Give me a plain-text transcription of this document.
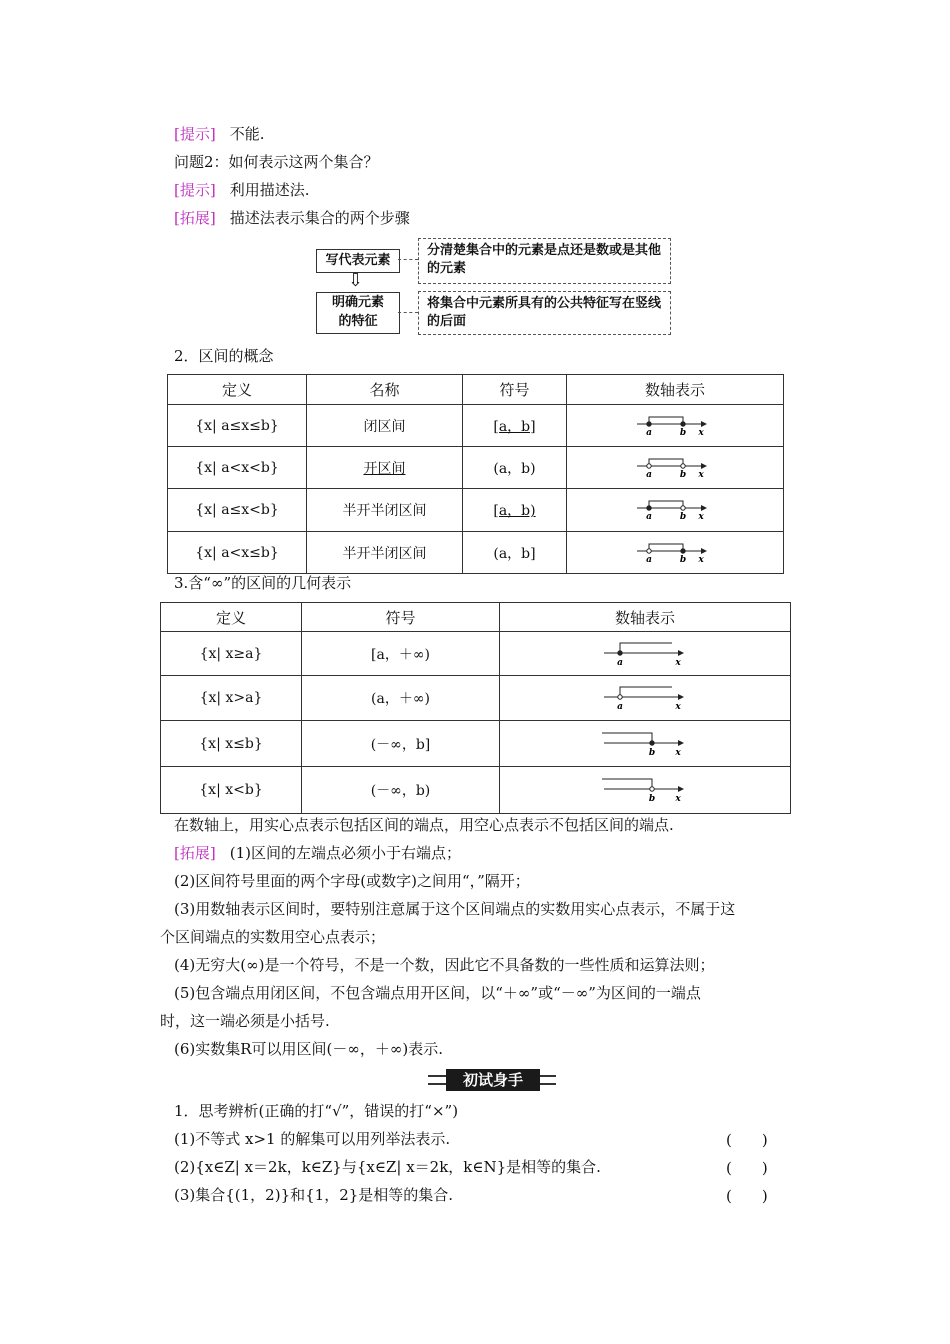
[提示] 不能.
问题2：如何表示这两个集合？
[提示] 利用描述法.
[拓展] 描述法表示集合的两个步骤
写代表元素
分清楚集合中的元素是点还是数或是其他的元素
⇩
明确元素
的特征
将集合中元素所具有的公共特征写在竖线的后面
2．区间的概念
定义	名称	符号	数轴表示
{x| a≤x≤b}	闭区间	[a，b]	a b x

{x| a<x<b}	开区间	(a，b)	a b x

{x| a≤x<b}	半开半闭区间	[a，b)	a b x

{x| a<x≤b}	半开半闭区间	(a，b]	a b x
3.含“∞”的区间的几何表示
定义	符号	数轴表示
{x| x≥a}	[a，＋∞)	a x

{x| x>a}	(a，＋∞)	a x

{x| x≤b}	(－∞，b]	b x

{x| x<b}	(－∞，b)	b x
在数轴上，用实心点表示包括区间的端点，用空心点表示不包括区间的端点.
[拓展] (1)区间的左端点必须小于右端点；
(2)区间符号里面的两个字母(或数字)之间用“，”隔开；
(3)用数轴表示区间时，要特别注意属于这个区间端点的实数用实心点表示，不属于这
个区间端点的实数用空心点表示；
(4)无穷大(∞)是一个符号，不是一个数，因此它不具备数的一些性质和运算法则；
(5)包含端点用闭区间，不包含端点用开区间，以“＋∞”或“－∞”为区间的一端点
时，这一端必须是小括号.
(6)实数集R可以用区间(－∞，＋∞)表示.
初试身手
1．思考辨析(正确的打“√”，错误的打“×”)
(1)不等式 x>1 的解集可以用列举法表示.	(　　)
(2){x∈Z| x＝2k，k∈Z}与{x∈Z| x＝2k，k∈N}是相等的集合.	(　　)
(3)集合{(1，2)}和{1，2}是相等的集合.	(　　)
